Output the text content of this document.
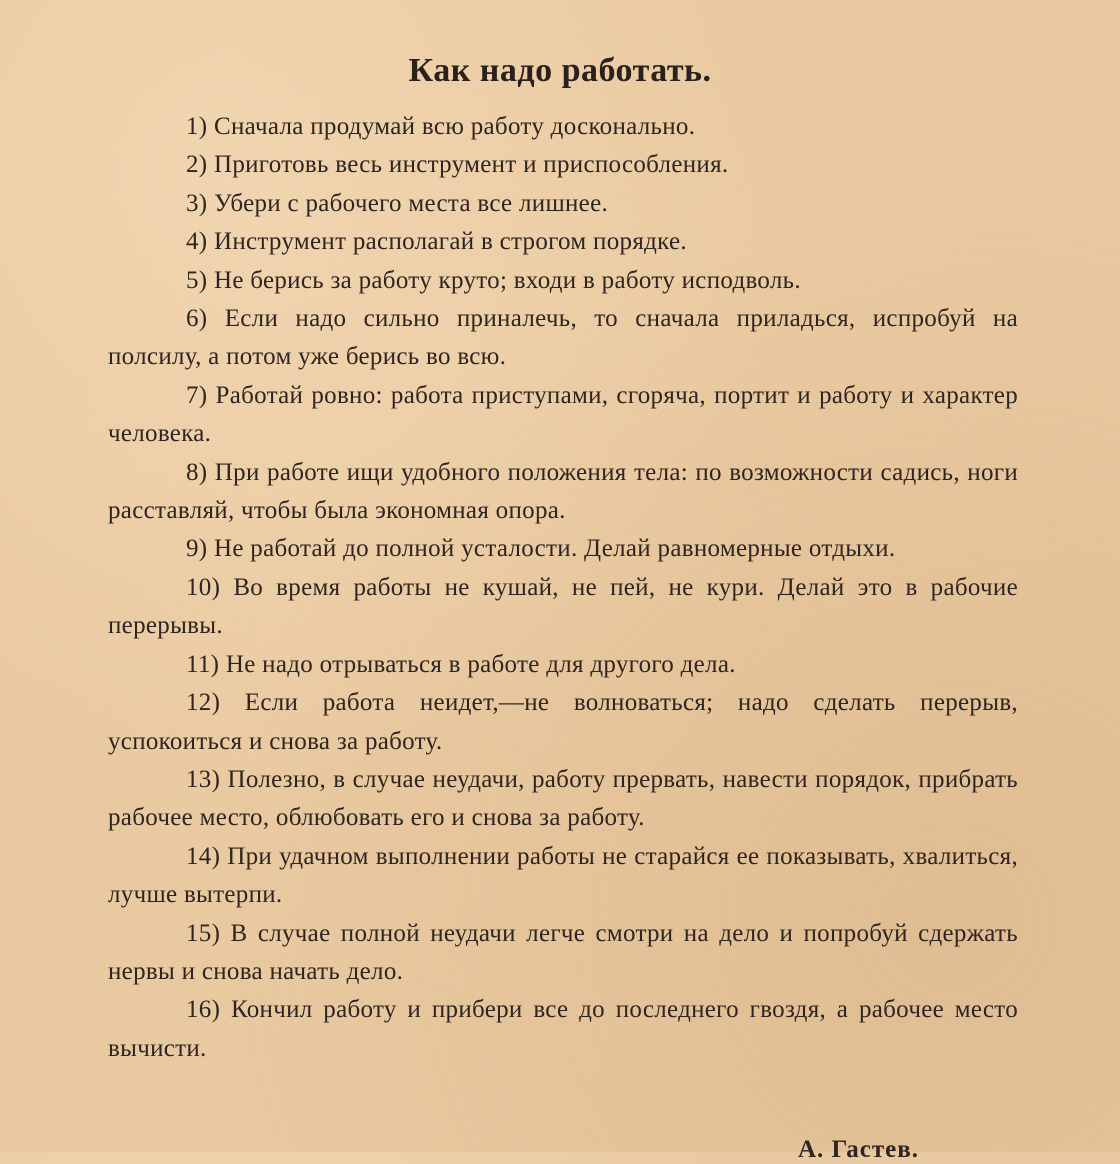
Как надо работать.

1) Сначала продумай всю работу досконально.

2) Приготовь весь инструмент и приспособления.

3) Убери с рабочего места все лишнее.

4) Инструмент располагай в строгом порядке.

5) Не берись за работу круто; входи в работу исподволь.

6) Если надо сильно приналечь, то сначала приладься, испробуй на полсилу, а потом уже берись во всю.

7) Работай ровно: работа приступами, сгоряча, портит и работу и характер человека.

8) При работе ищи удобного положения тела: по возможности садись, ноги расставляй, чтобы была экономная опора.

9) Не работай до полной усталости. Делай равномерные отдыхи.

10) Во время работы не кушай, не пей, не кури. Делай это в рабочие перерывы.

11) Не надо отрываться в работе для другого дела.

12) Если работа неидет,—не волноваться; надо сделать перерыв, успокоиться и снова за работу.

13) Полезно, в случае неудачи, работу прервать, навести порядок, прибрать рабочее место, облюбовать его и снова за работу.

14) При удачном выполнении работы не старайся ее показывать, хвалиться, лучше вытерпи.

15) В случае полной неудачи легче смотри на дело и попробуй сдержать нервы и снова начать дело.

16) Кончил работу и прибери все до последнего гвоздя, а рабочее место вычисти.

А. Гастев.
